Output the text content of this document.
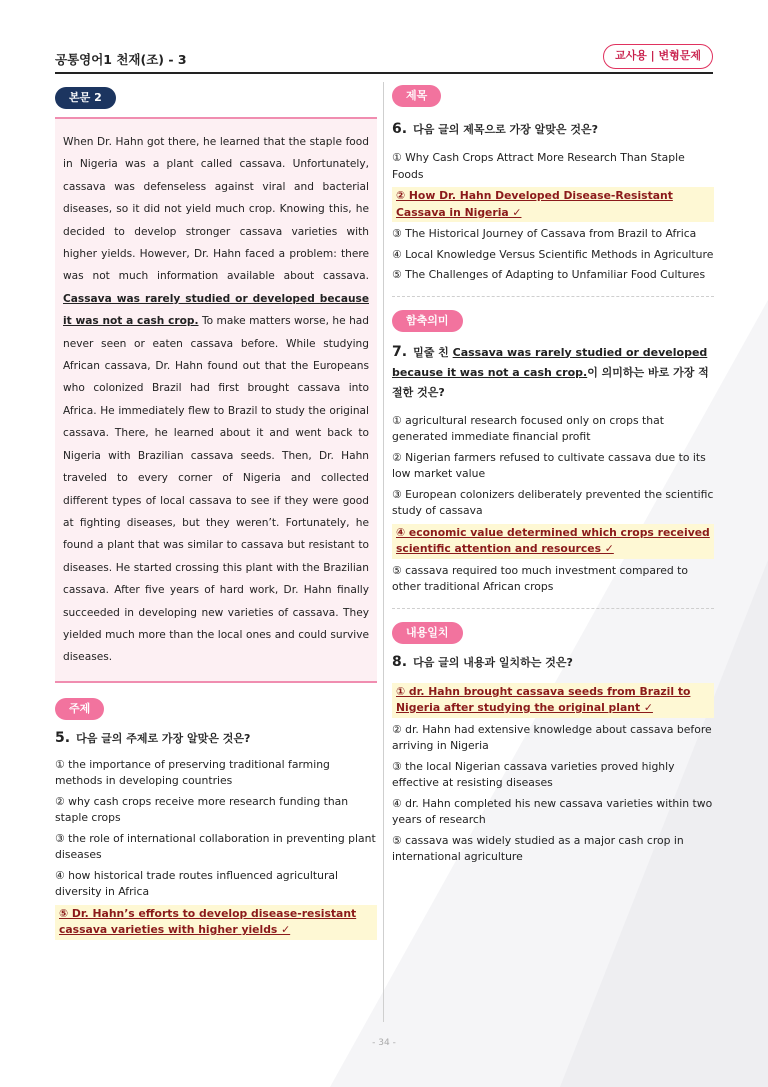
공통영어1 천재(조) - 3	교사용 | 변형문제
본문 2
When Dr. Hahn got there, he learned that the staple food in Nigeria was a plant called cassava. Unfortunately, cassava was defenseless against viral and bacterial diseases, so it did not yield much crop. Knowing this, he decided to develop stronger cassava varieties with higher yields. However, Dr. Hahn faced a problem: there was not much information available about cassava. Cassava was rarely studied or developed because it was not a cash crop. To make matters worse, he had never seen or eaten cassava before. While studying African cassava, Dr. Hahn found out that the Europeans who colonized Brazil had first brought cassava into Africa. He immediately flew to Brazil to study the original cassava. There, he learned about it and went back to Nigeria with Brazilian cassava seeds. Then, Dr. Hahn traveled to every corner of Nigeria and collected different types of local cassava to see if they were good at fighting diseases, but they weren’t. Fortunately, he found a plant that was similar to cassava but resistant to diseases. He started crossing this plant with the Brazilian cassava. After five years of hard work, Dr. Hahn finally succeeded in developing new varieties of cassava. They yielded much more than the local ones and could survive diseases.
주제
5. 다음 글의 주제로 가장 알맞은 것은?
① the importance of preserving traditional farming methods in developing countries
② why cash crops receive more research funding than staple crops
③ the role of international collaboration in preventing plant diseases
④ how historical trade routes influenced agricultural diversity in Africa
⑤ Dr. Hahn’s efforts to develop disease-resistant cassava varieties with higher yields ✓
제목
6. 다음 글의 제목으로 가장 알맞은 것은?
① Why Cash Crops Attract More Research Than Staple Foods
② How Dr. Hahn Developed Disease-Resistant Cassava in Nigeria ✓
③ The Historical Journey of Cassava from Brazil to Africa
④ Local Knowledge Versus Scientific Methods in Agriculture
⑤ The Challenges of Adapting to Unfamiliar Food Cultures
함축의미
7. 밑줄 친 Cassava was rarely studied or developed because it was not a cash crop.이 의미하는 바로 가장 적절한 것은?
① agricultural research focused only on crops that generated immediate financial profit
② Nigerian farmers refused to cultivate cassava due to its low market value
③ European colonizers deliberately prevented the scientific study of cassava
④ economic value determined which crops received scientific attention and resources ✓
⑤ cassava required too much investment compared to other traditional African crops
내용일치
8. 다음 글의 내용과 일치하는 것은?
① dr. Hahn brought cassava seeds from Brazil to Nigeria after studying the original plant ✓
② dr. Hahn had extensive knowledge about cassava before arriving in Nigeria
③ the local Nigerian cassava varieties proved highly effective at resisting diseases
④ dr. Hahn completed his new cassava varieties within two years of research
⑤ cassava was widely studied as a major cash crop in international agriculture
- 34 -
